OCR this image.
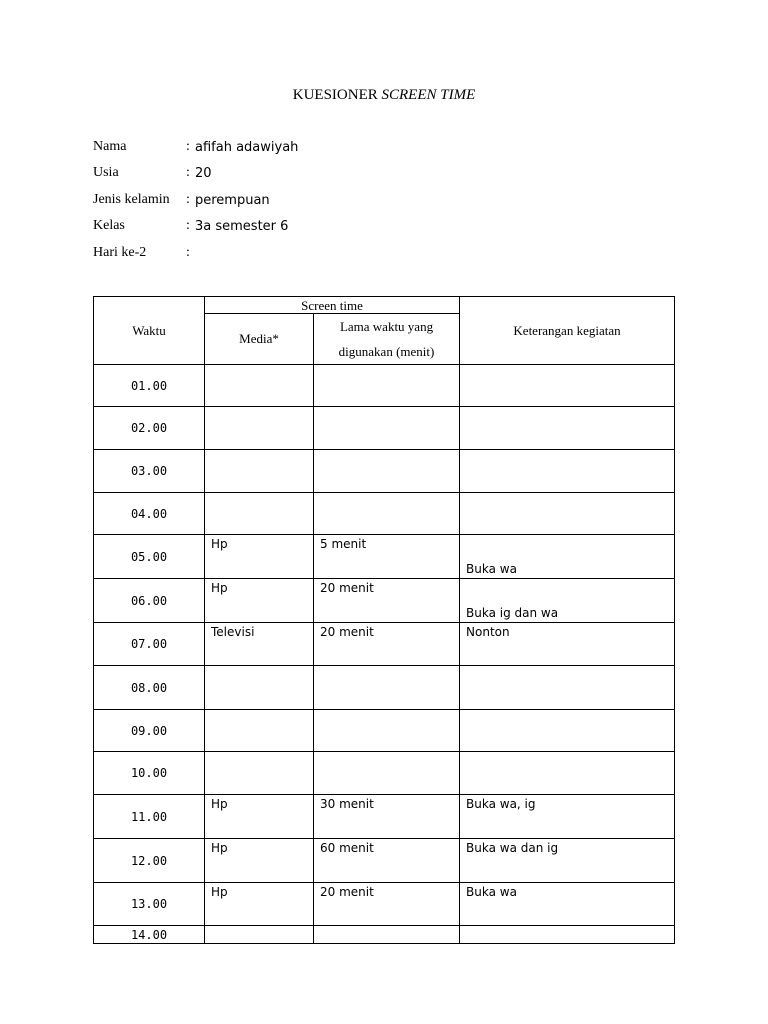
KUESIONER SCREEN TIME
Nama	: afifah adawiyah
Usia	: 20
Jenis kelamin : perempuan
Kelas	: 3a semester 6
Hari ke-2	:
Waktu	Screen time		Keterangan kegiatan
	Media*	Lama waktu yang digunakan (menit)	
01.00			
02.00			
03.00			
04.00			
05.00	Hp	5 menit	Buka wa
06.00	Hp	20 menit	Buka ig dan wa
07.00	Televisi	20 menit	Nonton
08.00			
09.00			
10.00			
11.00	Hp	30 menit	Buka wa, ig
12.00	Hp	60 menit	Buka wa dan ig
13.00	Hp	20 menit	Buka wa
14.00			
